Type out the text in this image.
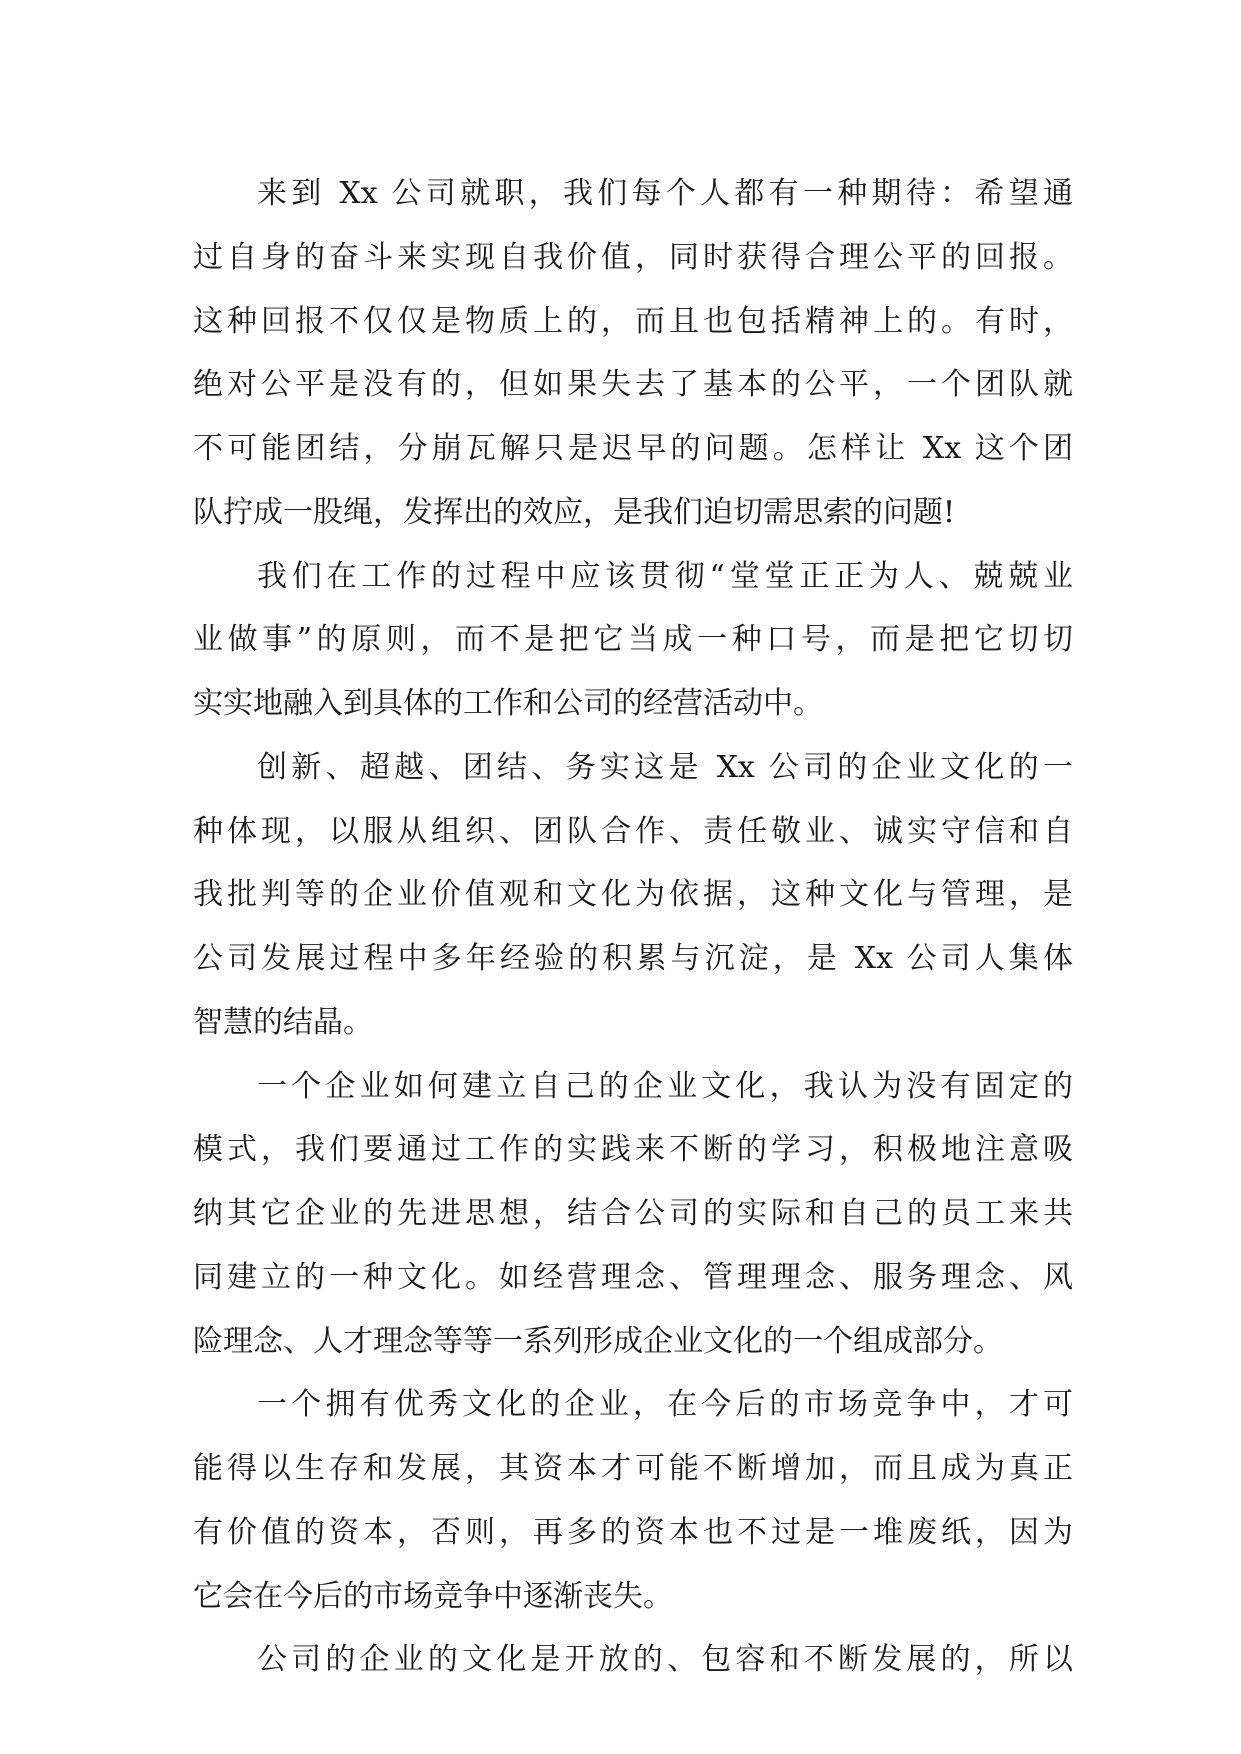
来到 Xx 公司就职，我们每个人都有一种期待：希望通
过自身的奋斗来实现自我价值，同时获得合理公平的回报。
这种回报不仅仅是物质上的，而且也包括精神上的。有时，
绝对公平是没有的，但如果失去了基本的公平，一个团队就
不可能团结，分崩瓦解只是迟早的问题。怎样让 Xx 这个团
队拧成一股绳，发挥出的效应，是我们迫切需思索的问题!
我们在工作的过程中应该贯彻“堂堂正正为人、兢兢业
业做事”的原则，而不是把它当成一种口号，而是把它切切
实实地融入到具体的工作和公司的经营活动中。
创新、超越、团结、务实这是 Xx 公司的企业文化的一
种体现，以服从组织、团队合作、责任敬业、诚实守信和自
我批判等的企业价值观和文化为依据，这种文化与管理，是
公司发展过程中多年经验的积累与沉淀，是 Xx 公司人集体
智慧的结晶。
一个企业如何建立自己的企业文化，我认为没有固定的
模式，我们要通过工作的实践来不断的学习，积极地注意吸
纳其它企业的先进思想，结合公司的实际和自己的员工来共
同建立的一种文化。如经营理念、管理理念、服务理念、风
险理念、人才理念等等一系列形成企业文化的一个组成部分。
一个拥有优秀文化的企业，在今后的市场竞争中，才可
能得以生存和发展，其资本才可能不断增加，而且成为真正
有价值的资本，否则，再多的资本也不过是一堆废纸，因为
它会在今后的市场竞争中逐渐丧失。
公司的企业的文化是开放的、包容和不断发展的，所以
